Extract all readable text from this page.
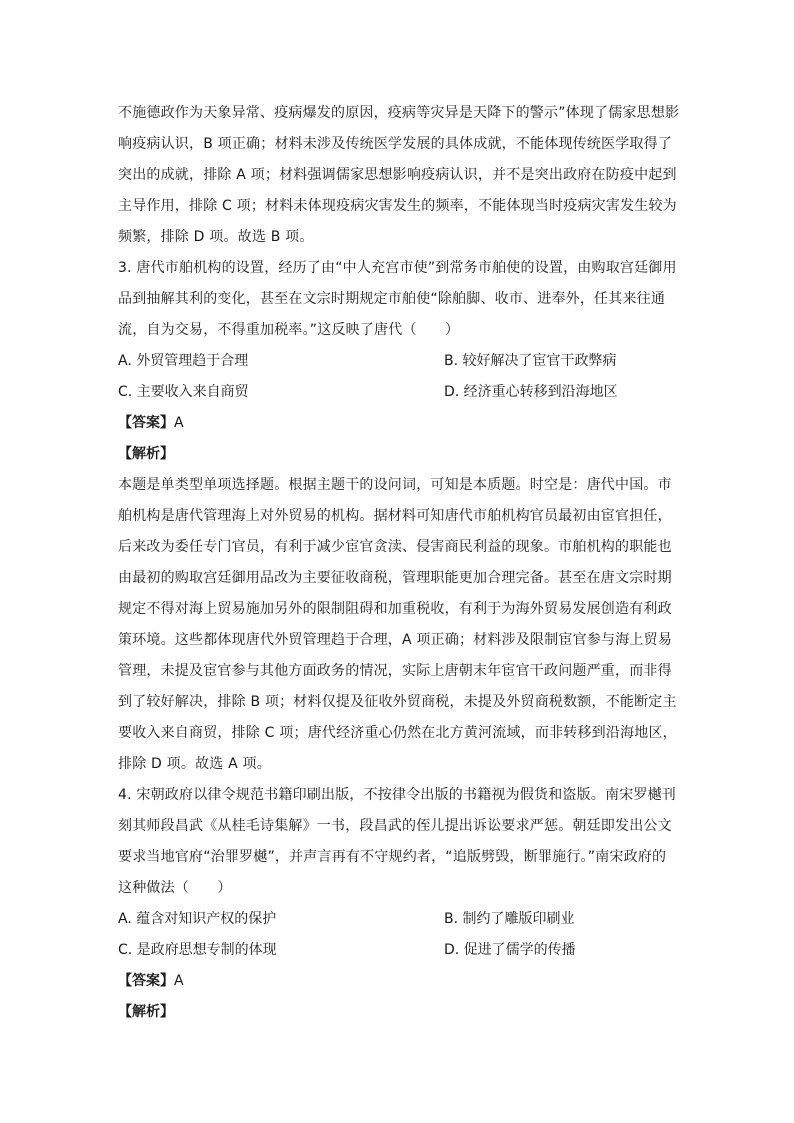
不施德政作为天象异常、疫病爆发的原因，疫病等灾异是天降下的警示”体现了儒家思想影
响疫病认识，B 项正确；材料未涉及传统医学发展的具体成就，不能体现传统医学取得了
突出的成就，排除 A 项；材料强调儒家思想影响疫病认识，并不是突出政府在防疫中起到
主导作用，排除 C 项；材料未体现疫病灾害发生的频率，不能体现当时疫病灾害发生较为
频繁，排除 D 项。故选 B 项。
3. 唐代市舶机构的设置，经历了由“中人充宫市使”到常务市舶使的设置，由购取宫廷御用
品到抽解其利的变化，甚至在文宗时期规定市舶使“除舶脚、收市、进奉外，任其来往通
流，自为交易，不得重加税率。”这反映了唐代（　　）
A. 外贸管理趋于合理	B. 较好解决了宦官干政弊病
C. 主要收入来自商贸	D. 经济重心转移到沿海地区
【答案】A
【解析】
本题是单类型单项选择题。根据主题干的设问词，可知是本质题。时空是：唐代中国。市
舶机构是唐代管理海上对外贸易的机构。据材料可知唐代市舶机构官员最初由宦官担任，
后来改为委任专门官员，有利于减少宦官贪渎、侵害商民利益的现象。市舶机构的职能也
由最初的购取宫廷御用品改为主要征收商税，管理职能更加合理完备。甚至在唐文宗时期
规定不得对海上贸易施加另外的限制阻碍和加重税收，有利于为海外贸易发展创造有利政
策环境。这些都体现唐代外贸管理趋于合理，A 项正确；材料涉及限制宦官参与海上贸易
管理，未提及宦官参与其他方面政务的情况，实际上唐朝末年宦官干政问题严重，而非得
到了较好解决，排除 B 项；材料仅提及征收外贸商税，未提及外贸商税数额，不能断定主
要收入来自商贸，排除 C 项；唐代经济重心仍然在北方黄河流域，而非转移到沿海地区，
排除 D 项。故选 A 项。
4. 宋朝政府以律令规范书籍印刷出版，不按律令出版的书籍视为假货和盗版。南宋罗樾刊
刻其师段昌武《从桂毛诗集解》一书，段昌武的侄儿提出诉讼要求严惩。朝廷即发出公文
要求当地官府“治罪罗樾”，并声言再有不守规约者，“追版劈毁，断罪施行。”南宋政府的
这种做法（　　）
A. 蕴含对知识产权的保护	B. 制约了雕版印刷业
C. 是政府思想专制的体现	D. 促进了儒学的传播
【答案】A
【解析】
